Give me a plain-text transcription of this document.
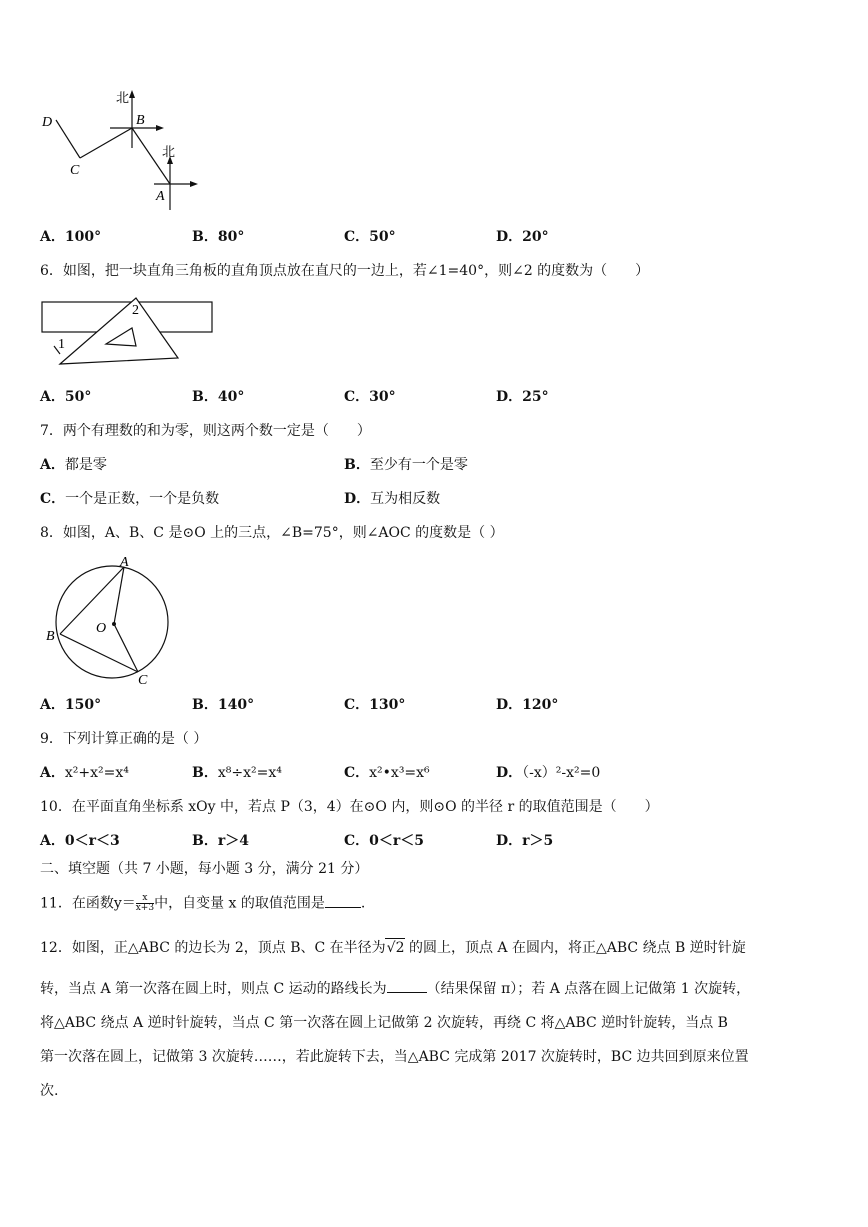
北
北
D
C
B
A
A．100°	B．80°	C．50°	D．20°
6．如图，把一块直角三角板的直角顶点放在直尺的一边上，若∠1=40°，则∠2 的度数为（　　）
1
2
A．50°	B．40°	C．30°	D．25°
7．两个有理数的和为零，则这两个数一定是（　　）
A．都是零	B．至少有一个是零
C．一个是正数，一个是负数	D．互为相反数
8．如图，A、B、C 是⊙O 上的三点，∠B=75°，则∠AOC 的度数是（ ）
A
B
O
C
A．150°	B．140°	C．130°	D．120°
9．下列计算正确的是（ ）
A．x²+x²=x⁴	B．x⁸÷x²=x⁴	C．x²•x³=x⁶	D．（-x）²-x²=0
10．在平面直角坐标系 xOy 中，若点 P（3，4）在⊙O 内，则⊙O 的半径 r 的取值范围是（　　）
A．0＜r＜3	B．r＞4	C．0＜r＜5	D．r＞5
二、填空题（共 7 小题，每小题 3 分，满分 21 分）
11．在函数$y= \frac{x}{x+3}$ 中，自变量 x 的取值范围是	.
12．如图，正△ABC 的边长为 2，顶点 B、C 在半径为√2 的圆上，顶点 A 在圆内，将正△ABC 绕点 B 逆时针旋
转，当点 A 第一次落在圆上时，则点 C 运动的路线长为	（结果保留 π）；若 A 点落在圆上记做第 1 次旋转，
将△ABC 绕点 A 逆时针旋转，当点 C 第一次落在圆上记做第 2 次旋转，再绕 C 将△ABC 逆时针旋转，当点 B
第一次落在圆上，记做第 3 次旋转……，若此旋转下去，当△ABC 完成第 2017 次旋转时，BC 边共回到原来位置
次.
